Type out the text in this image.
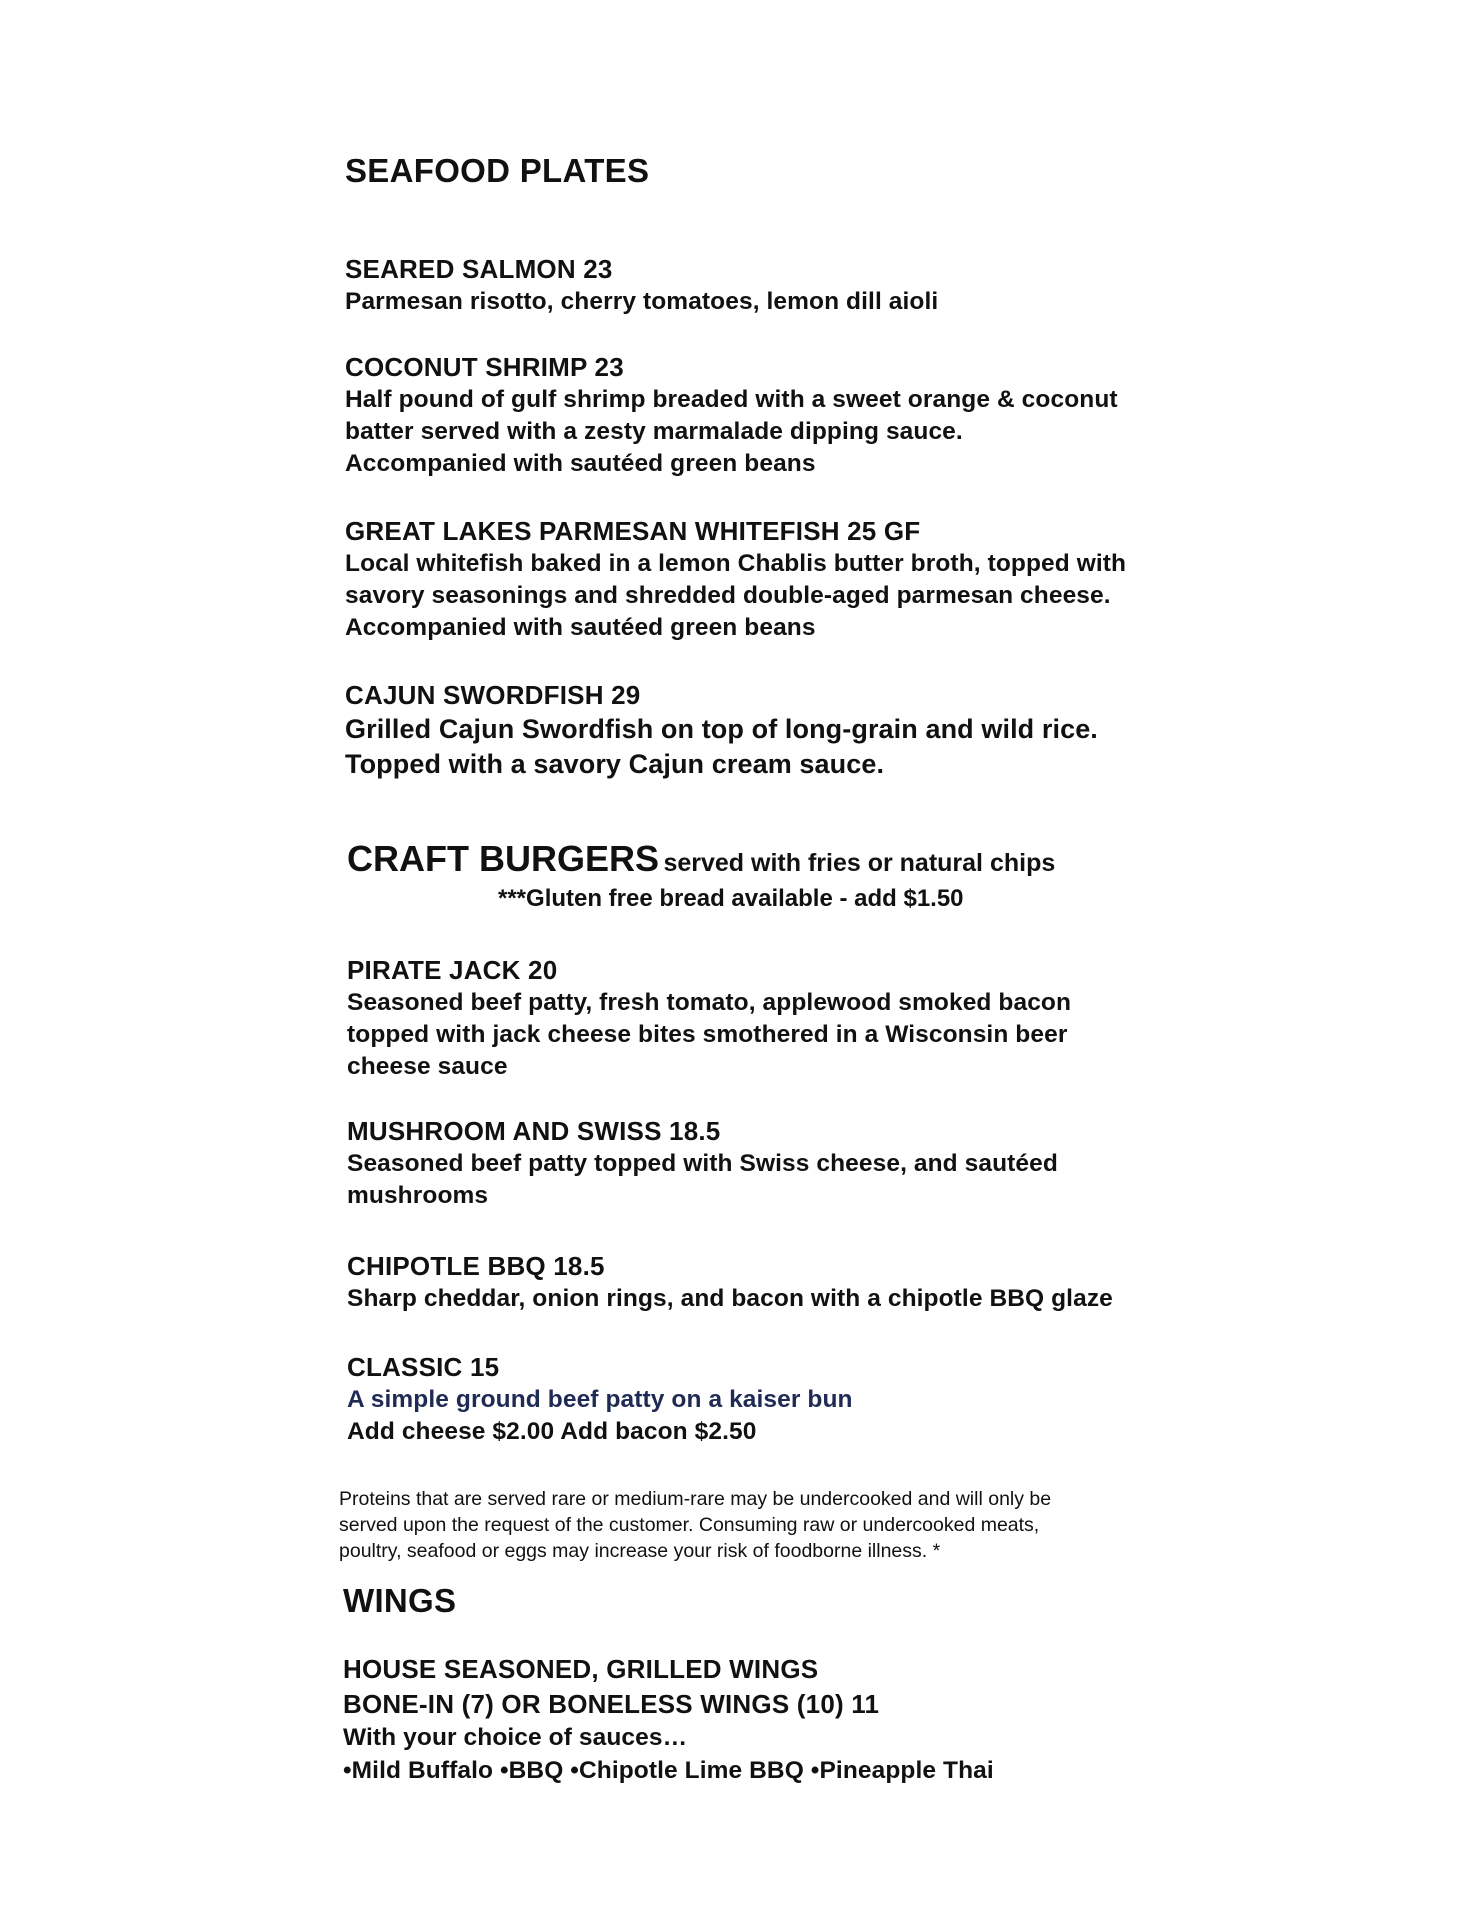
SEAFOOD PLATES
SEARED SALMON 23
Parmesan risotto, cherry tomatoes, lemon dill aioli
COCONUT SHRIMP 23
Half pound of gulf shrimp breaded with a sweet orange & coconut
batter served with a zesty marmalade dipping sauce.
Accompanied with sautéed green beans
GREAT LAKES PARMESAN WHITEFISH 25 GF
Local whitefish baked in a lemon Chablis butter broth, topped with
savory seasonings and shredded double-aged parmesan cheese.
Accompanied with sautéed green beans
CAJUN SWORDFISH 29
Grilled Cajun Swordfish on top of long-grain and wild rice.
Topped with a savory Cajun cream sauce.
CRAFT BURGERS served with fries or natural chips
***Gluten free bread available - add $1.50
PIRATE JACK 20
Seasoned beef patty, fresh tomato, applewood smoked bacon
topped with jack cheese bites smothered in a Wisconsin beer
cheese sauce
MUSHROOM AND SWISS 18.5
Seasoned beef patty topped with Swiss cheese, and sautéed
mushrooms
CHIPOTLE BBQ 18.5
Sharp cheddar, onion rings, and bacon with a chipotle BBQ glaze
CLASSIC 15
A simple ground beef patty on a kaiser bun
Add cheese $2.00 Add bacon $2.50
Proteins that are served rare or medium-rare may be undercooked and will only be
served upon the request of the customer. Consuming raw or undercooked meats,
poultry, seafood or eggs may increase your risk of foodborne illness. *
WINGS
HOUSE SEASONED, GRILLED WINGS
BONE-IN (7) OR BONELESS WINGS (10) 11
With your choice of sauces…
•Mild Buffalo •BBQ •Chipotle Lime BBQ •Pineapple Thai
